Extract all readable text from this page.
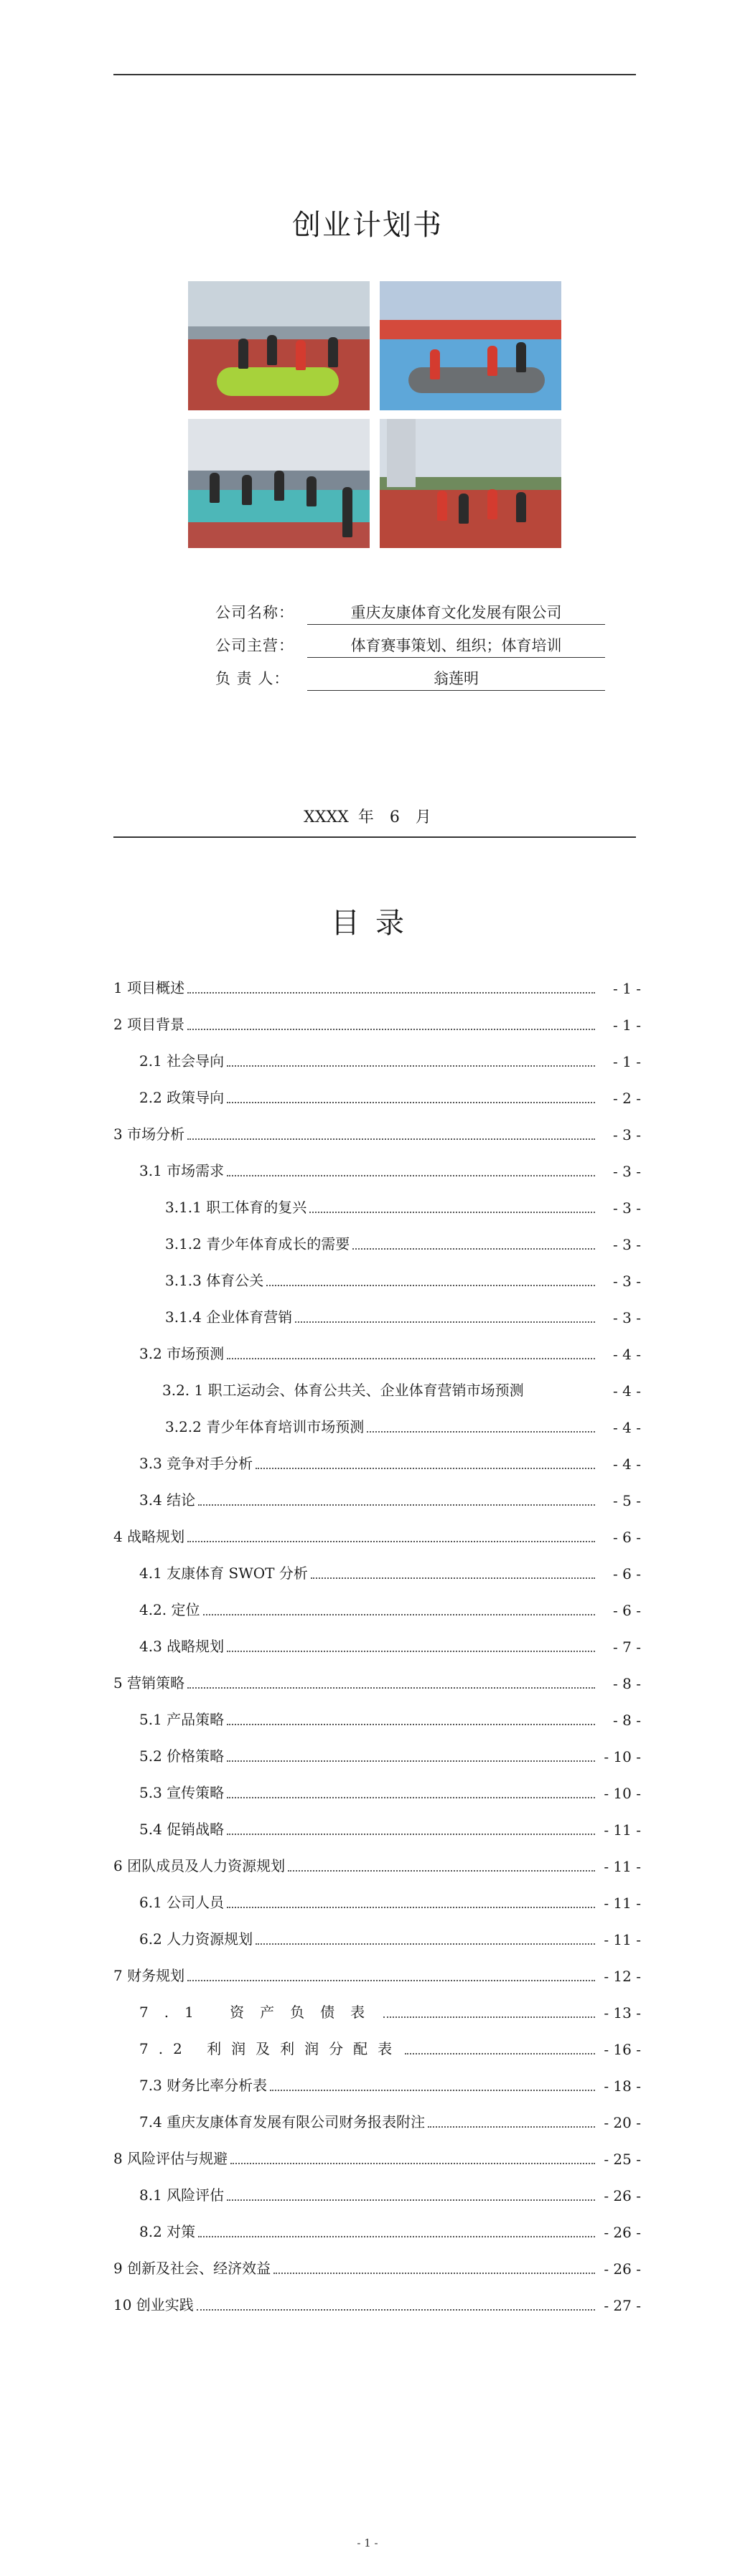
创业计划书
公司名称：	重庆友康体育文化发展有限公司
公司主营：	体育赛事策划、组织；体育培训
负 责 人：	翁莲明
XXXX 年　6　月
目录
1 项目概述	- 1 -
2 项目背景	- 1 -
2.1 社会导向	- 1 -
2.2 政策导向	- 2 -
3 市场分析	- 3 -
3.1 市场需求	- 3 -
3.1.1 职工体育的复兴	- 3 -
3.1.2 青少年体育成长的需要	- 3 -
3.1.3 体育公关	- 3 -
3.1.4 企业体育营销	- 3 -
3.2 市场预测	- 4 -
3.2. 1 职工运动会、体育公共关、企业体育营销市场预测	- 4 -
3.2.2 青少年体育培训市场预测	- 4 -
3.3 竞争对手分析	- 4 -
3.4 结论	- 5 -
4 战略规划	- 6 -
4.1 友康体育 SWOT 分析	- 6 -
4.2. 定位	- 6 -
4.3 战略规划	- 7 -
5 营销策略	- 8 -
5.1 产品策略	- 8 -
5.2 价格策略	- 10 -
5.3 宣传策略	- 10 -
5.4 促销战略	- 11 -
6 团队成员及人力资源规划	- 11 -
6.1 公司人员	- 11 -
6.2 人力资源规划	- 11 -
7 财务规划	- 12 -
7.1 资产负债表	- 13 -
7.2 利润及利润分配表	- 16 -
7.3 财务比率分析表	- 18 -
7.4 重庆友康体育发展有限公司财务报表附注	- 20 -
8 风险评估与规避	- 25 -
8.1 风险评估	- 26 -
8.2 对策	- 26 -
9 创新及社会、经济效益	- 26 -
10 创业实践	- 27 -
- 1 -
